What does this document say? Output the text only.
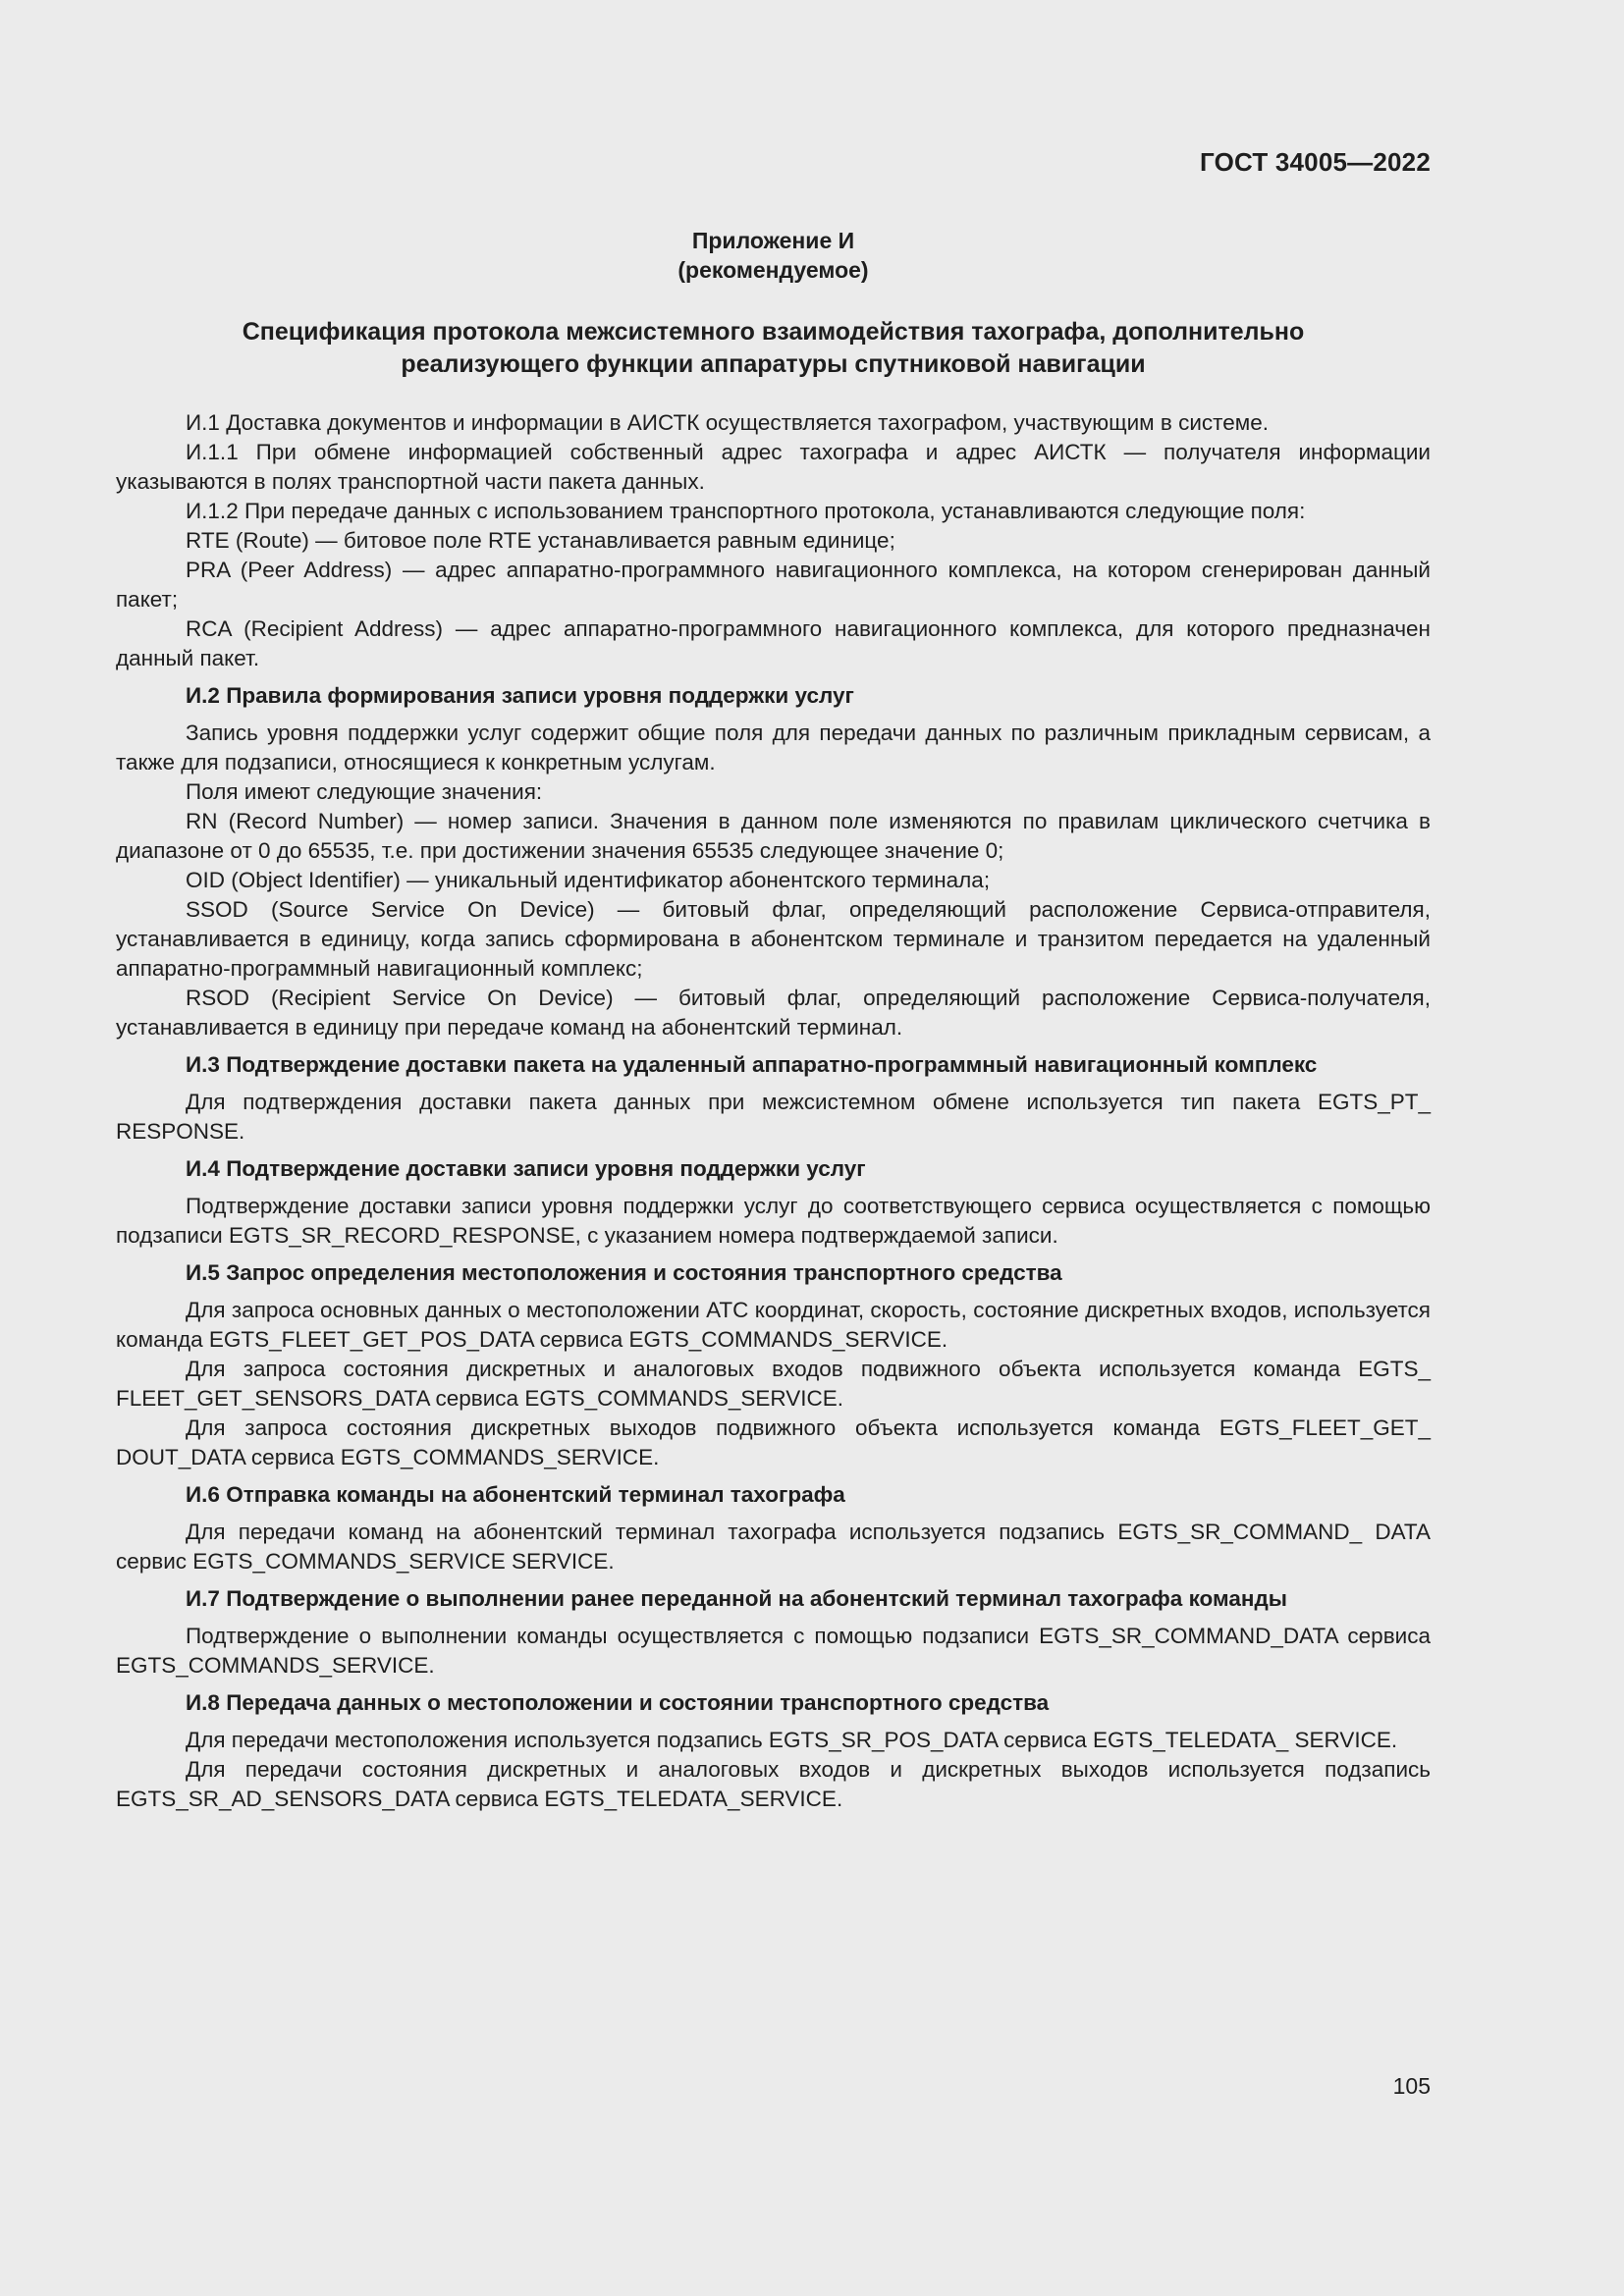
ГОСТ 34005—2022
Приложение И
(рекомендуемое)
Спецификация протокола межсистемного взаимодействия тахографа, дополнительно реализующего функции аппаратуры спутниковой навигации

И.1 Доставка документов и информации в АИСТК осуществляется тахографом, участвующим в системе.

И.1.1 При обмене информацией собственный адрес тахографа и адрес АИСТК — получателя информации указываются в полях транспортной части пакета данных.

И.1.2 При передаче данных с использованием транспортного протокола, устанавливаются следующие поля:

RTE (Route) — битовое поле RTE устанавливается равным единице;

PRA (Peer Address) — адрес аппаратно-программного навигационного комплекса, на котором сгенерирован данный пакет;

RCA (Recipient Address) — адрес аппаратно-программного навигационного комплекса, для которого предназначен данный пакет.

И.2 Правила формирования записи уровня поддержки услуг

Запись уровня поддержки услуг содержит общие поля для передачи данных по различным прикладным сервисам, а также для подзаписи, относящиеся к конкретным услугам.

Поля имеют следующие значения:

RN (Record Number) — номер записи. Значения в данном поле изменяются по правилам циклического счетчика в диапазоне от 0 до 65535, т.е. при достижении значения 65535 следующее значение 0;

OID (Object Identifier) — уникальный идентификатор абонентского терминала;

SSOD (Source Service On Device) — битовый флаг, определяющий расположение Сервиса-отправителя, устанавливается в единицу, когда запись сформирована в абонентском терминале и транзитом передается на удаленный аппаратно-программный навигационный комплекс;

RSOD (Recipient Service On Device) — битовый флаг, определяющий расположение Сервиса-получателя, устанавливается в единицу при передаче команд на абонентский терминал.

И.3 Подтверждение доставки пакета на удаленный аппаратно-программный навигационный комплекс

Для подтверждения доставки пакета данных при межсистемном обмене используется тип пакета EGTS_PT_ RESPONSE.

И.4 Подтверждение доставки записи уровня поддержки услуг

Подтверждение доставки записи уровня поддержки услуг до соответствующего сервиса осуществляется с помощью подзаписи EGTS_SR_RECORD_RESPONSE, с указанием номера подтверждаемой записи.

И.5 Запрос определения местоположения и состояния транспортного средства

Для запроса основных данных о местоположении АТС координат, скорость, состояние дискретных входов, используется команда EGTS_FLEET_GET_POS_DATA сервиса EGTS_COMMANDS_SERVICE.

Для запроса состояния дискретных и аналоговых входов подвижного объекта используется команда EGTS_ FLEET_GET_SENSORS_DATA сервиса EGTS_COMMANDS_SERVICE.

Для запроса состояния дискретных выходов подвижного объекта используется команда EGTS_FLEET_GET_ DOUT_DATA сервиса EGTS_COMMANDS_SERVICE.

И.6 Отправка команды на абонентский терминал тахографа

Для передачи команд на абонентский терминал тахографа используется подзапись EGTS_SR_COMMAND_ DATA сервис EGTS_COMMANDS_SERVICE SERVICE.

И.7 Подтверждение о выполнении ранее переданной на абонентский терминал тахографа команды

Подтверждение о выполнении команды осуществляется с помощью подзаписи EGTS_SR_COMMAND_DATA сервиса EGTS_COMMANDS_SERVICE.

И.8 Передача данных о местоположении и состоянии транспортного средства

Для передачи местоположения используется подзапись EGTS_SR_POS_DATA сервиса EGTS_TELEDATA_ SERVICE.

Для передачи состояния дискретных и аналоговых входов и дискретных выходов используется подзапись EGTS_SR_AD_SENSORS_DATA сервиса EGTS_TELEDATA_SERVICE.

105
